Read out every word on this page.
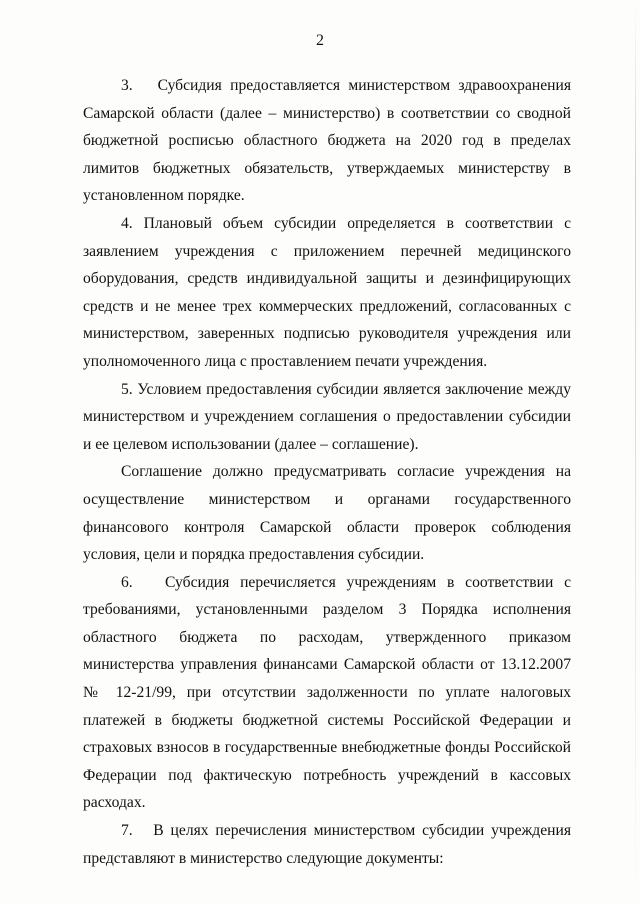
2

3.   Субсидия предоставляется министерством здравоохранения Самарской области (далее – министерство) в соответствии со сводной бюджетной росписью областного бюджета на 2020 год в пределах лимитов бюджетных обязательств, утверждаемых министерству в установленном порядке.

4. Плановый объем субсидии определяется в соответствии с заявлением учреждения с приложением перечней медицинского оборудования, средств индивидуальной защиты и дезинфицирующих средств и не менее трех коммерческих предложений, согласованных с министерством, заверенных подписью руководителя учреждения или уполномоченного лица с проставлением печати учреждения.

5. Условием предоставления субсидии является заключение между министерством и учреждением соглашения о предоставлении субсидии и ее целевом использовании (далее – соглашение).

Соглашение должно предусматривать согласие учреждения на осуществление министерством и органами государственного финансового контроля Самарской области проверок соблюдения условия, цели и порядка предоставления субсидии.

6.   Субсидия перечисляется учреждениям в соответствии с требованиями, установленными разделом 3 Порядка исполнения областного бюджета по расходам, утвержденного приказом министерства управления финансами Самарской области от 13.12.2007 № 12-21/99, при отсутствии задолженности по уплате налоговых платежей в бюджеты бюджетной системы Российской Федерации и страховых взносов в государственные внебюджетные фонды Российской Федерации под фактическую потребность учреждений в кассовых расходах.

7.   В целях перечисления министерством субсидии учреждения представляют в министерство следующие документы:
